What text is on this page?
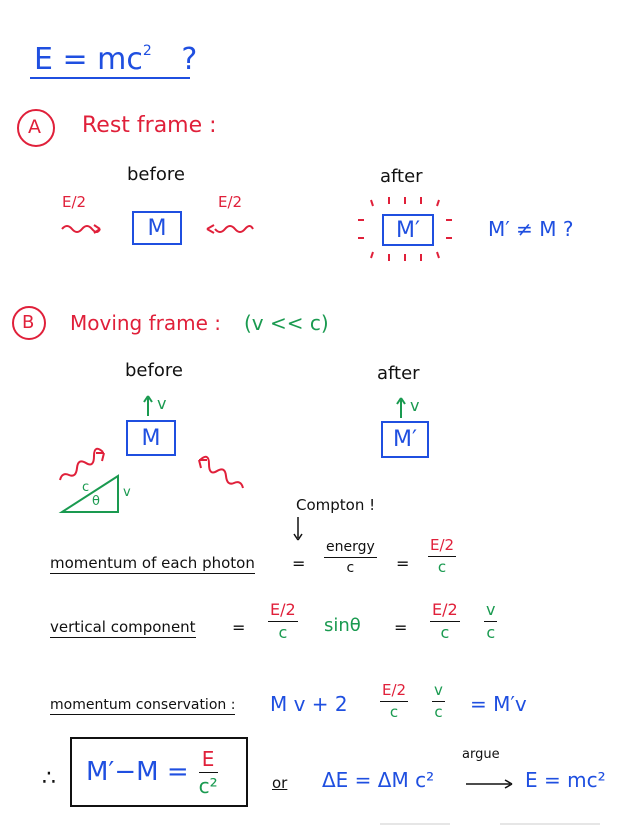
$E = mc^2$ ?
A Rest frame :
before	after
E/2	E/2
M	M′	M′ ≠ M ?
B Moving frame : (v << c)
before	after
v	v
M	M′
c
θ
v
Compton !
momentum of each photon =
energy
c	=
E/2
c
vertical component =
E/2
c sinθ =
E/2
c
v
c
momentum conservation : M v + 2
E/2
c
v
c = M′v
∴ $M'-M = \frac{E}{\text{c²}}$	or ΔE = ΔM c²
argue
E = mc²
